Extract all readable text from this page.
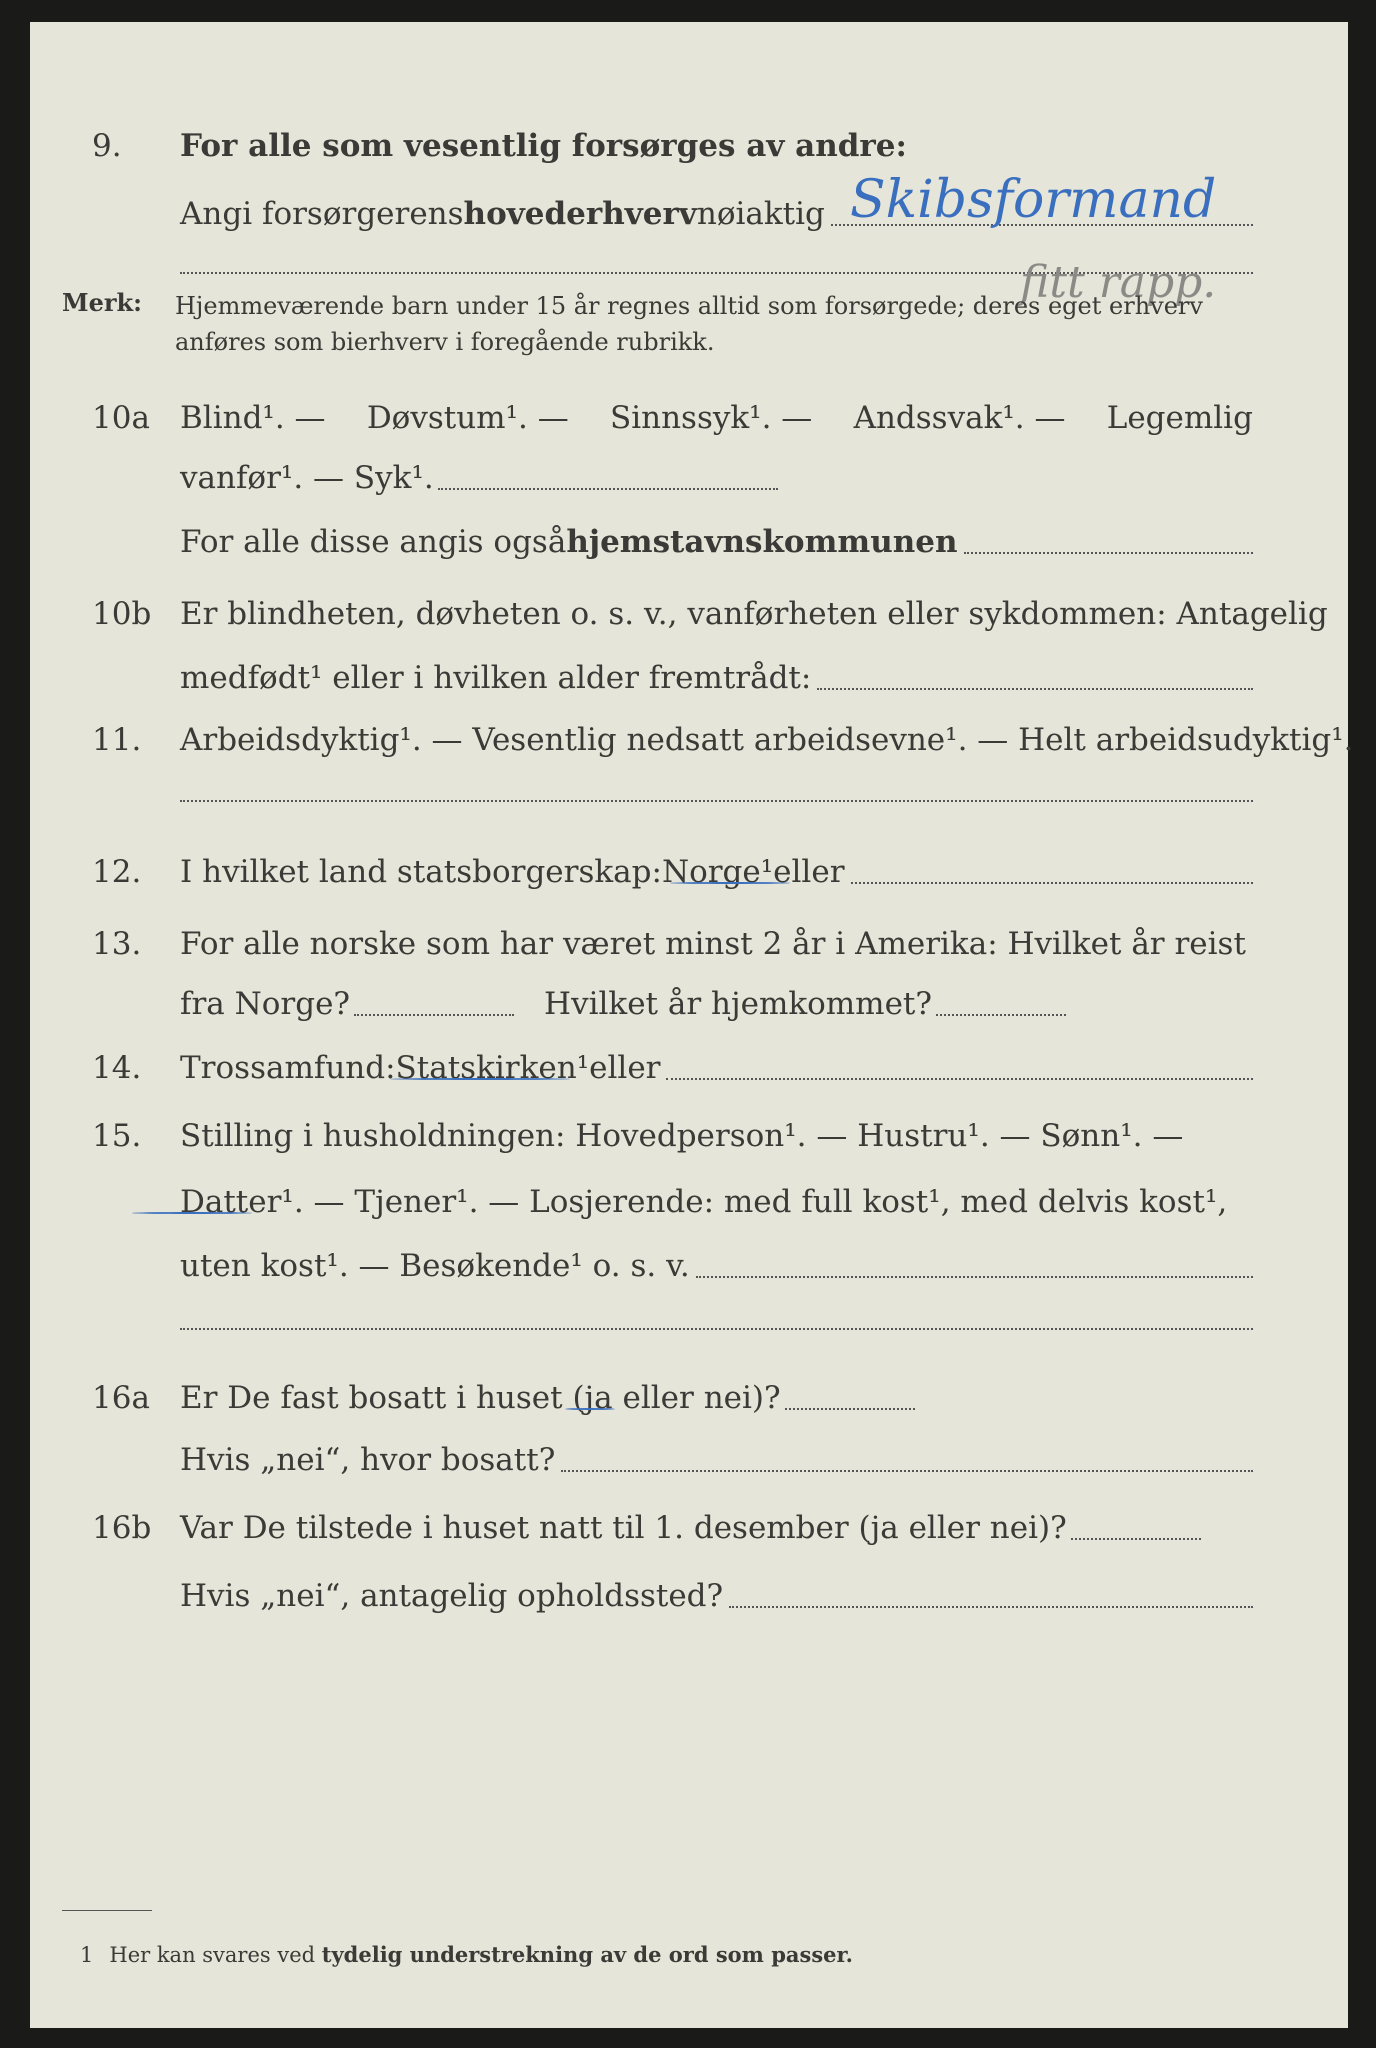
9. For alle som vesentlig forsørges av andre:
Angi forsørgerens hovederhverv nøiaktig Skibsformand
fitt rapp.
Merk: Hjemmeværende barn under 15 år regnes alltid som forsørgede; deres eget erhverv
anføres som bierhverv i foregående rubrikk.
10a Blind¹. — Døvstum¹. — Sinnssyk¹. — Andssvak¹. — Legemlig
vanfør¹. — Syk¹.
For alle disse angis også hjemstavnskommunen
10b Er blindheten, døvheten o. s. v., vanførheten eller sykdommen: Antagelig
medfødt¹ eller i hvilken alder fremtrådt:
11. Arbeidsdyktig¹. — Vesentlig nedsatt arbeidsevne¹. — Helt arbeidsudyktig¹.
12. I hvilket land statsborgerskap: Norge¹ eller
13. For alle norske som har været minst 2 år i Amerika: Hvilket år reist
fra Norge?	Hvilket år hjemkommet?
14. Trossamfund: Statskirken¹ eller
15. Stilling i husholdningen: Hovedperson¹. — Hustru¹. — Sønn¹. —
Datter¹. — Tjener¹. — Losjerende: med full kost¹, med delvis kost¹,
uten kost¹. — Besøkende¹ o. s. v.
16a Er De fast bosatt i huset (ja eller nei)?
Hvis „nei“, hvor bosatt?
16b Var De tilstede i huset natt til 1. desember (ja eller nei)?
Hvis „nei“, antagelig opholdssted?
1 Her kan svares ved tydelig understrekning av de ord som passer.
